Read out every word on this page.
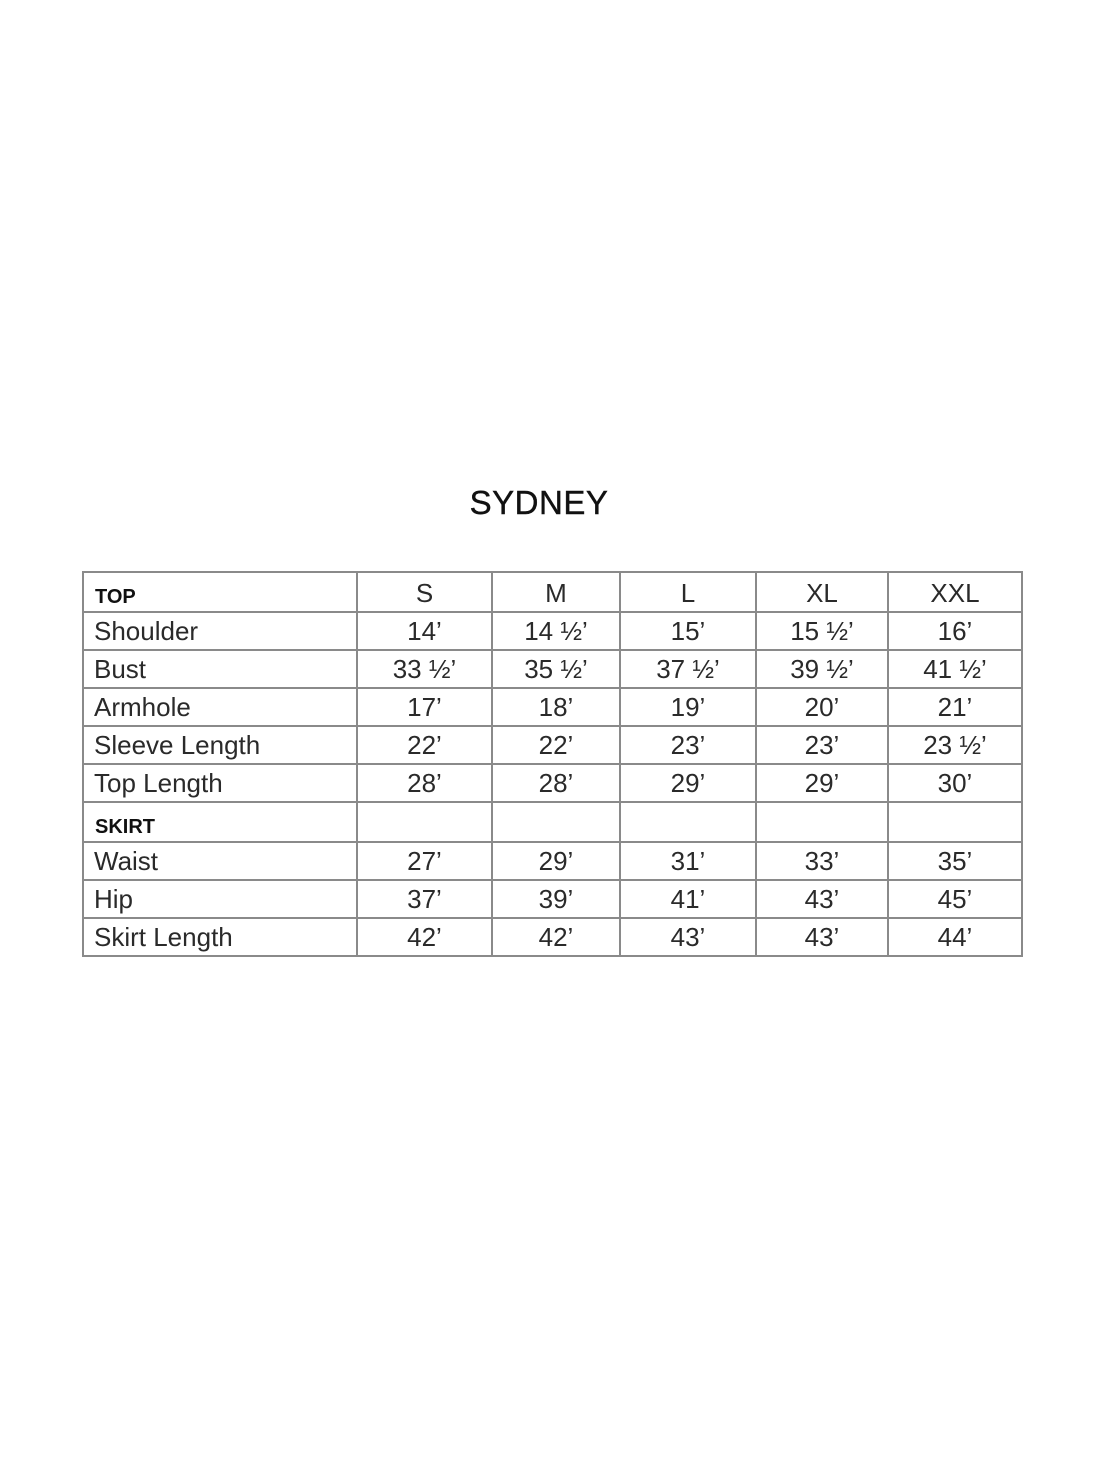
SYDNEY
TOP	S	M	L	XL	XXL
Shoulder	14’	14 ½’	15’	15 ½’	16’
Bust	33 ½’	35 ½’	37 ½’	39 ½’	41 ½’
Armhole	17’	18’	19’	20’	21’
Sleeve Length	22’	22’	23’	23’	23 ½’
Top Length	28’	28’	29’	29’	30’
SKIRT					
Waist	27’	29’	31’	33’	35’
Hip	37’	39’	41’	43’	45’
Skirt Length	42’	42’	43’	43’	44’
